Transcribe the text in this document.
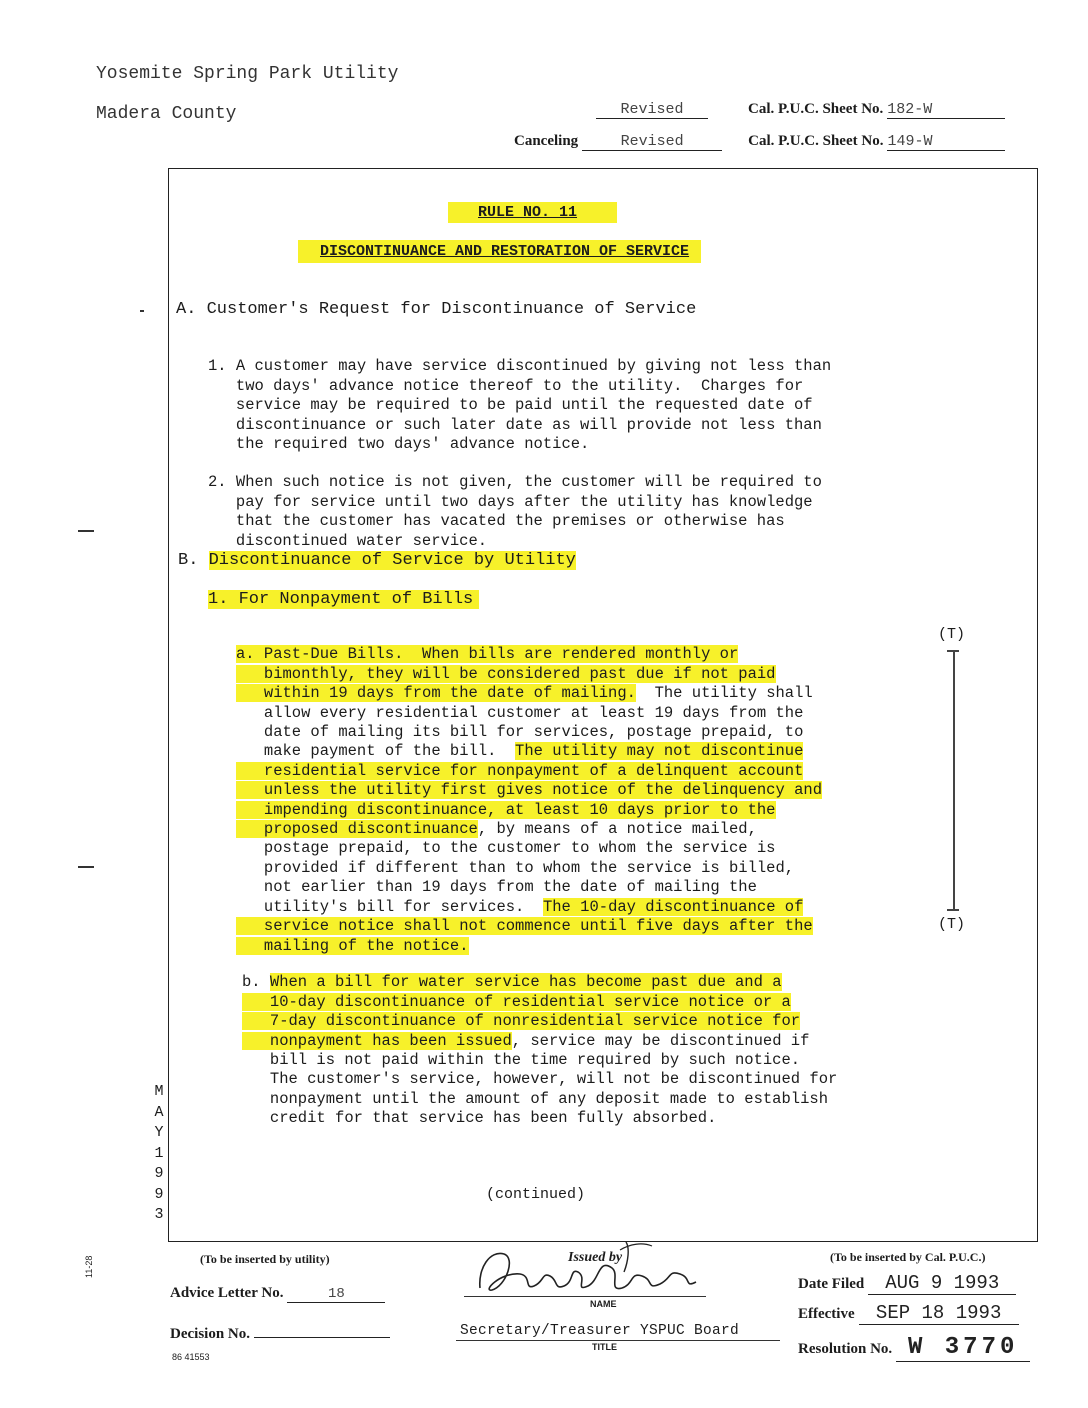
Yosemite Spring Park Utility
Madera County	Revised	Cal. P.U.C. Sheet No. 182-W
Canceling	Revised	Cal. P.U.C. Sheet No. 149-W
RULE NO. 11
DISCONTINUANCE AND RESTORATION OF SERVICE
A. Customer's Request for Discontinuance of Service

1. A customer may have service discontinued by giving not less than
two days' advance notice thereof to the utility.  Charges for
service may be required to be paid until the requested date of
discontinuance or such later date as will provide not less than
the required two days' advance notice.

2. When such notice is not given, the customer will be required to
pay for service until two days after the utility has knowledge
that the customer has vacated the premises or otherwise has
discontinued water service.
B. Discontinuance of Service by Utility
1. For Nonpayment of Bills

a. Past-Due Bills.  When bills are rendered monthly or
bimonthly, they will be considered past due if not paid
within 19 days from the date of mailing.  The utility shall
allow every residential customer at least 19 days from the
date of mailing its bill for services, postage prepaid, to
make payment of the bill.  The utility may not discontinue
residential service for nonpayment of a delinquent account
unless the utility first gives notice of the delinquency and
impending discontinuance, at least 10 days prior to the
proposed discontinuance, by means of a notice mailed,
postage prepaid, to the customer to whom the service is
provided if different than to whom the service is billed,
not earlier than 19 days from the date of mailing the
utility's bill for services.  The 10-day discontinuance of
service notice shall not commence until five days after the
mailing of the notice.
(T)
(T)

b. When a bill for water service has become past due and a
10-day discontinuance of residential service notice or a
7-day discontinuance of nonresidential service notice for
nonpayment has been issued, service may be discontinued if
bill is not paid within the time required by such notice.
The customer's service, however, will not be discontinued for
nonpayment until the amount of any deposit made to establish
credit for that service has been fully absorbed.
M
A
Y
1
9
9
3
(continued)
(To be inserted by utility)
Advice Letter No.	18
Decision No.
86 41553
11-28	Issued by
NAME
Secretary/Treasurer YSPUC Board
TITLE
(To be inserted by Cal. P.U.C.)
Date Filed AUG 9 1993
Effective SEP 18 1993
Resolution No. W 3770
